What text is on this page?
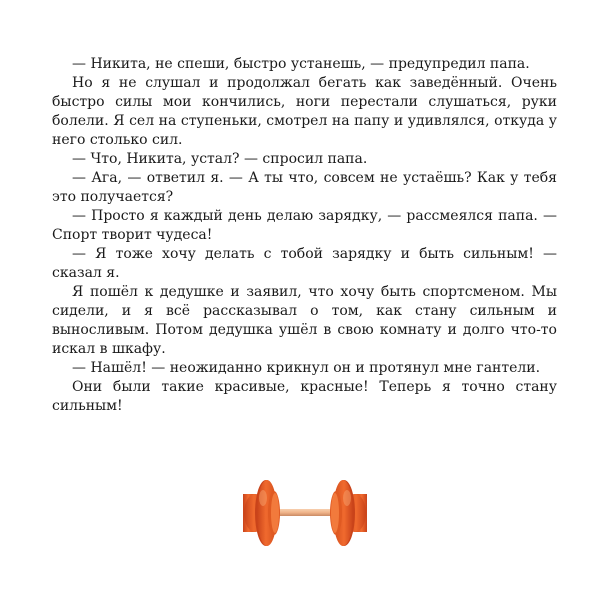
— Никита, не спеши, быстро устанешь, — предупредил папа.

Но я не слушал и продолжал бегать как заведённый. Очень быстро силы мои кончились, ноги перестали слушаться, руки болели. Я сел на ступеньки, смотрел на папу и удивлялся, откуда у него столько сил.

— Что, Никита, устал? — спросил папа.

— Ага, — ответил я. — А ты что, совсем не устаёшь? Как у тебя это получается?

— Просто я каждый день делаю зарядку, — рассмеялся папа. — Спорт творит чудеса!

— Я тоже хочу делать с тобой зарядку и быть сильным! — сказал я.

Я пошёл к дедушке и заявил, что хочу быть спортсменом. Мы сидели, и я всё рассказывал о том, как стану сильным и выносливым. Потом дедушка ушёл в свою комнату и долго что-то искал в шкафу.

— Нашёл! — неожиданно крикнул он и протянул мне гантели.

Они были такие красивые, красные! Теперь я точно стану сильным!
